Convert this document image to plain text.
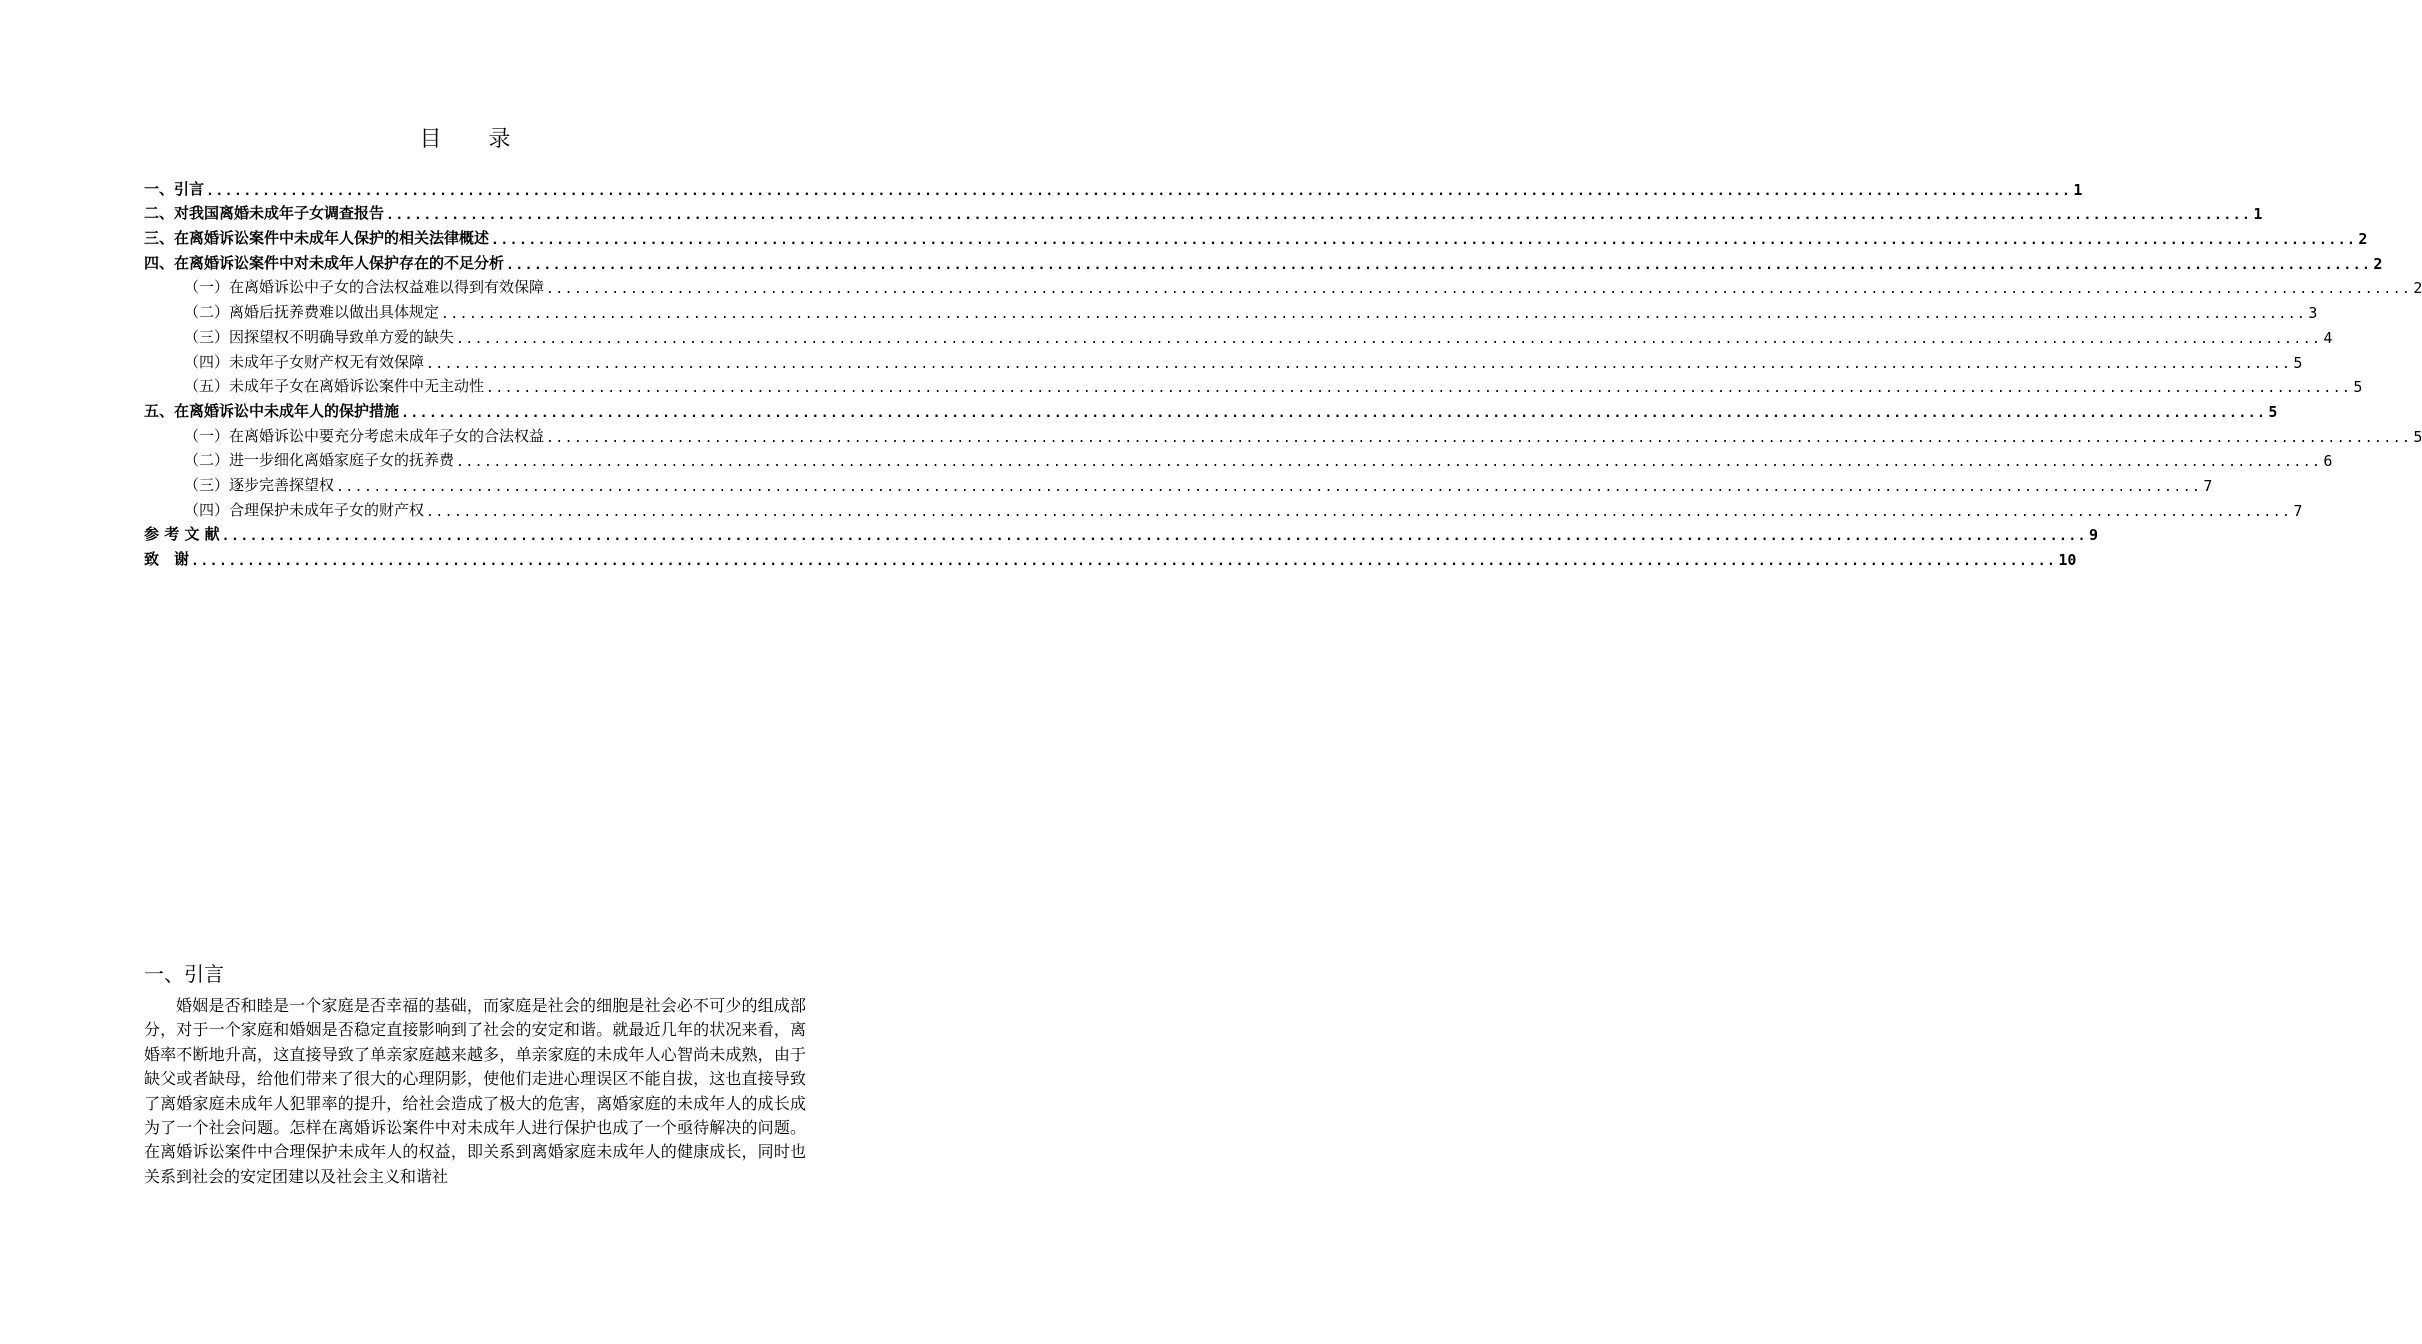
目 录
一、引言 ........................................................................................................................................................................................................ 1
二、对我国离婚未成年子女调查报告 ........................................................................................................................................................................................................ 1
三、在离婚诉讼案件中未成年人保护的相关法律概述 ........................................................................................................................................................................................................ 2
四、在离婚诉讼案件中对未成年人保护存在的不足分析 ........................................................................................................................................................................................................ 2
（一）在离婚诉讼中子女的合法权益难以得到有效保障 ........................................................................................................................................................................................................ 2
（二）离婚后抚养费难以做出具体规定 ........................................................................................................................................................................................................ 3
（三）因探望权不明确导致单方爱的缺失 ........................................................................................................................................................................................................ 4
（四）未成年子女财产权无有效保障 ........................................................................................................................................................................................................ 5
（五）未成年子女在离婚诉讼案件中无主动性 ........................................................................................................................................................................................................ 5
五、在离婚诉讼中未成年人的保护措施 ........................................................................................................................................................................................................ 5
（一）在离婚诉讼中要充分考虑未成年子女的合法权益 ........................................................................................................................................................................................................ 5
（二）进一步细化离婚家庭子女的抚养费 ........................................................................................................................................................................................................ 6
（三）逐步完善探望权 ........................................................................................................................................................................................................ 7
（四）合理保护未成年子女的财产权 ........................................................................................................................................................................................................ 7
参 考 文 献 ........................................................................................................................................................................................................ 9
致　谢 ........................................................................................................................................................................................................ 10
一、引言
婚姻是否和睦是一个家庭是否幸福的基础，而家庭是社会的细胞是社会必不可少的组成部分，对于一个家庭和婚姻是否稳定直接影响到了社会的安定和谐。就最近几年的状况来看，离婚率不断地升高，这直接导致了单亲家庭越来越多，单亲家庭的未成年人心智尚未成熟，由于缺父或者缺母，给他们带来了很大的心理阴影，使他们走进心理误区不能自拔，这也直接导致了离婚家庭未成年人犯罪率的提升，给社会造成了极大的危害，离婚家庭的未成年人的成长成为了一个社会问题。怎样在离婚诉讼案件中对未成年人进行保护也成了一个亟待解决的问题。在离婚诉讼案件中合理保护未成年人的权益，即关系到离婚家庭未成年人的健康成长，同时也关系到社会的安定团建以及社会主义和谐社
